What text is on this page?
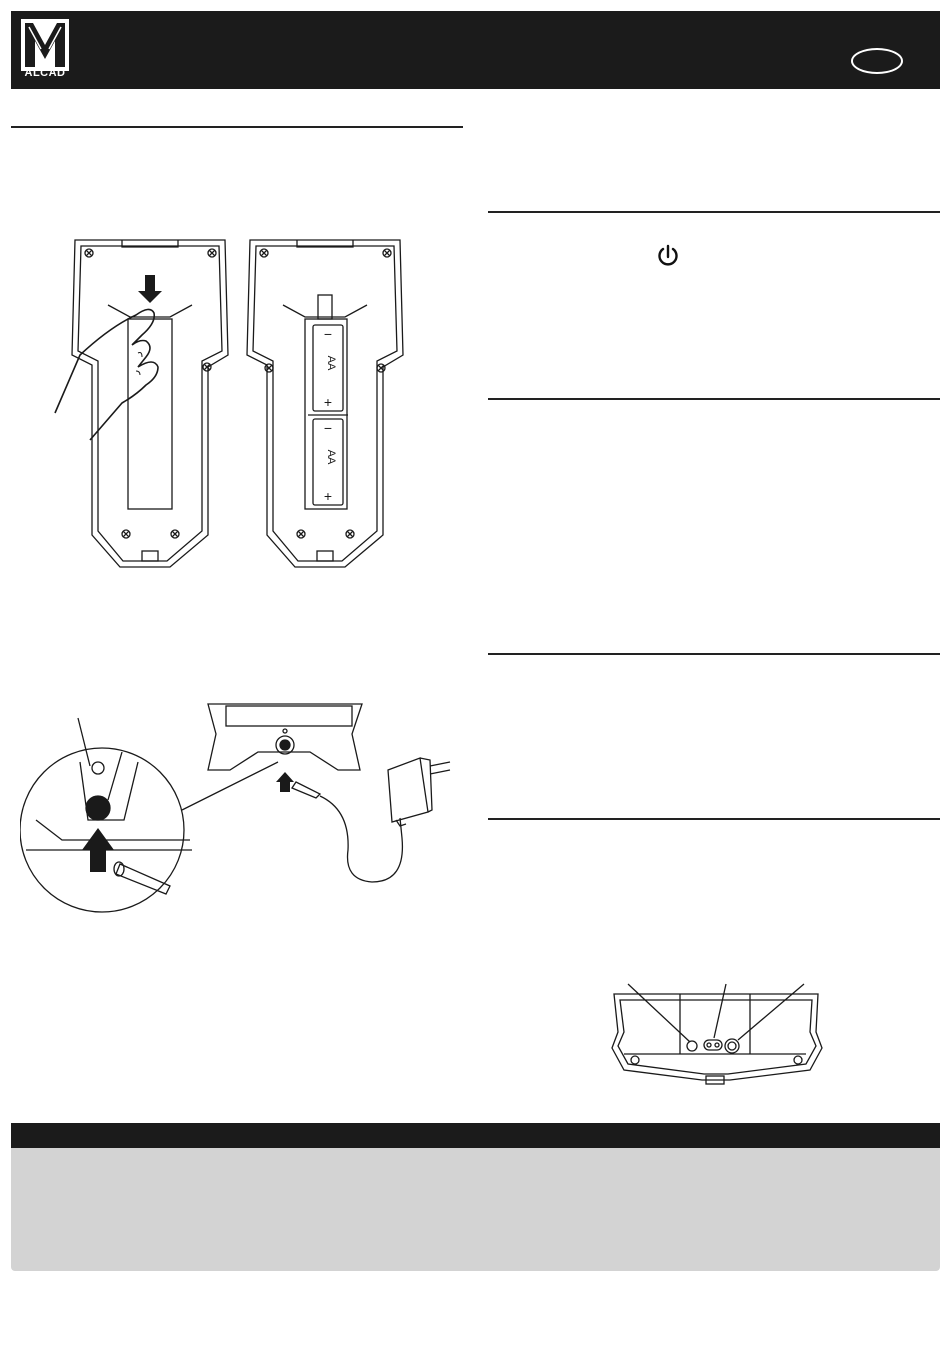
ALCAD
−
AA
+
−
AA
+
